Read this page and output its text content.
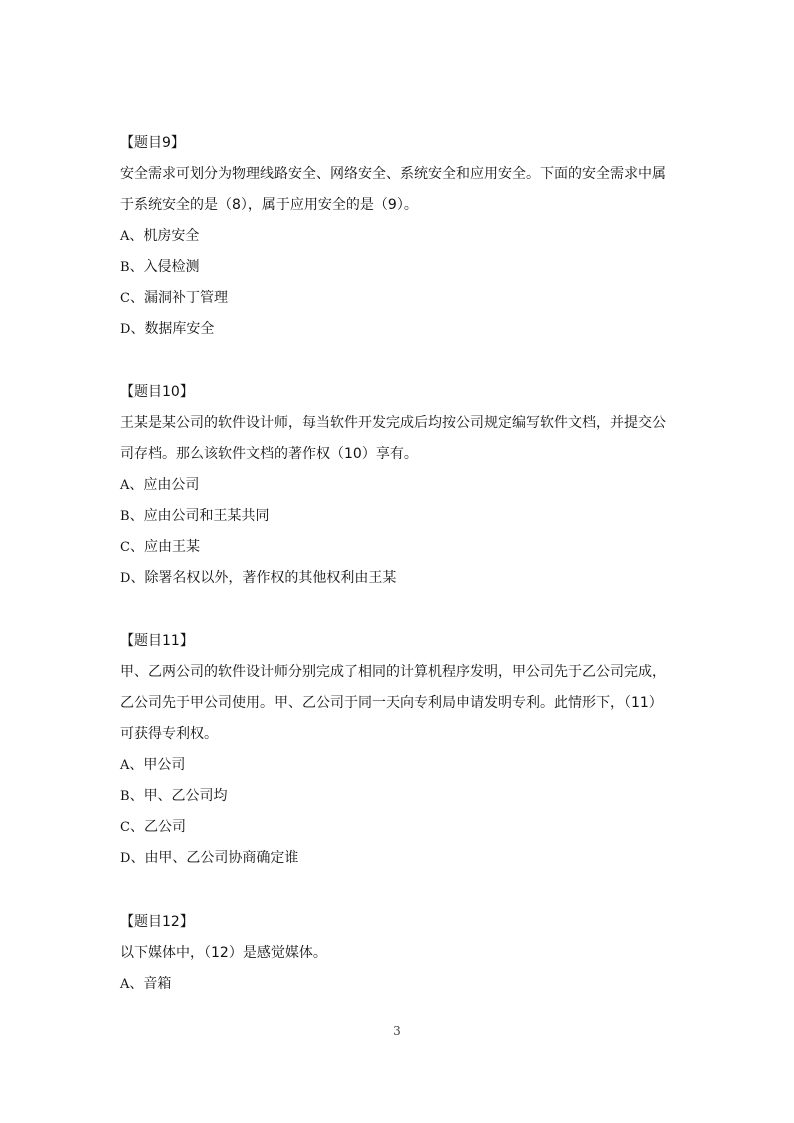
【题目9】
安全需求可划分为物理线路安全、网络安全、系统安全和应用安全。下面的安全需求中属
于系统安全的是（8），属于应用安全的是（9）。
A、机房安全
B、入侵检测
C、漏洞补丁管理
D、数据库安全
【题目10】
王某是某公司的软件设计师，每当软件开发完成后均按公司规定编写软件文档，并提交公
司存档。那么该软件文档的著作权（10）享有。
A、应由公司
B、应由公司和王某共同
C、应由王某
D、除署名权以外，著作权的其他权利由王某
【题目11】
甲、乙两公司的软件设计师分别完成了相同的计算机程序发明，甲公司先于乙公司完成，
乙公司先于甲公司使用。甲、乙公司于同一天向专利局申请发明专利。此情形下，（11）
可获得专利权。
A、甲公司
B、甲、乙公司均
C、乙公司
D、由甲、乙公司协商确定谁
【题目12】
以下媒体中，（12）是感觉媒体。
A、音箱
3
